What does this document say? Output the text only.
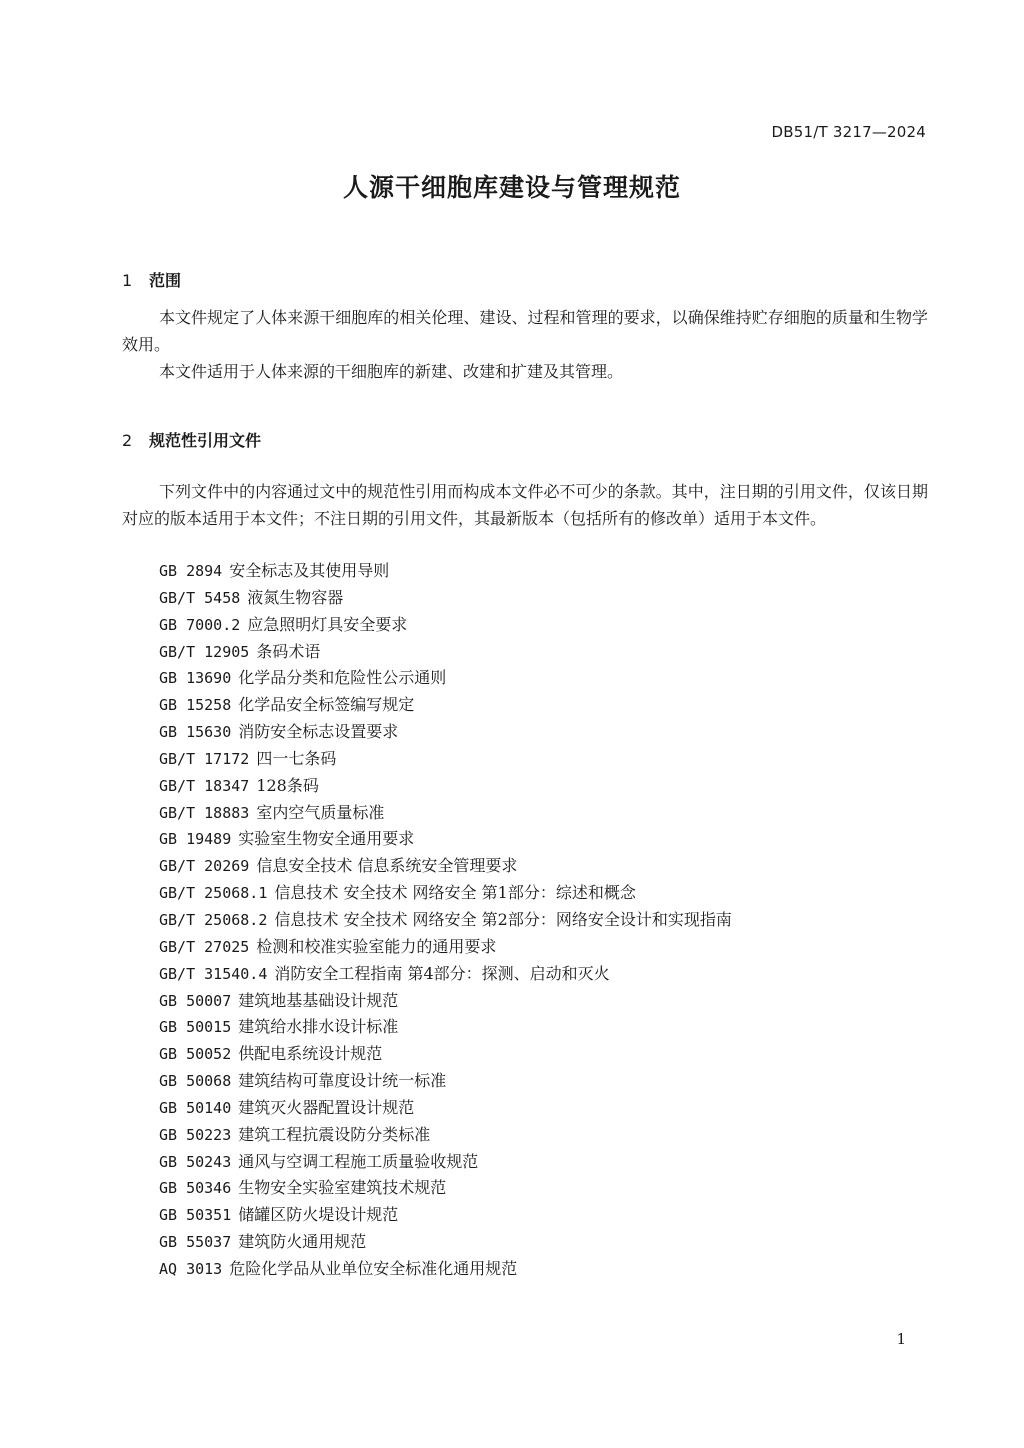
DB51/T 3217—2024
人源干细胞库建设与管理规范
1 范围

本文件规定了人体来源干细胞库的相关伦理、建设、过程和管理的要求，以确保维持贮存细胞的质量和生物学效用。

本文件适用于人体来源的干细胞库的新建、改建和扩建及其管理。

2 规范性引用文件

下列文件中的内容通过文中的规范性引用而构成本文件必不可少的条款。其中，注日期的引用文件，仅该日期对应的版本适用于本文件；不注日期的引用文件，其最新版本（包括所有的修改单）适用于本文件。

GB 2894 安全标志及其使用导则
GB/T 5458 液氮生物容器
GB 7000.2 应急照明灯具安全要求
GB/T 12905 条码术语
GB 13690 化学品分类和危险性公示通则
GB 15258 化学品安全标签编写规定
GB 15630 消防安全标志设置要求
GB/T 17172 四一七条码
GB/T 18347 128条码
GB/T 18883 室内空气质量标准
GB 19489 实验室生物安全通用要求
GB/T 20269 信息安全技术 信息系统安全管理要求
GB/T 25068.1 信息技术 安全技术 网络安全 第1部分：综述和概念
GB/T 25068.2 信息技术 安全技术 网络安全 第2部分：网络安全设计和实现指南
GB/T 27025 检测和校准实验室能力的通用要求
GB/T 31540.4 消防安全工程指南 第4部分：探测、启动和灭火
GB 50007 建筑地基基础设计规范
GB 50015 建筑给水排水设计标准
GB 50052 供配电系统设计规范
GB 50068 建筑结构可靠度设计统一标准
GB 50140 建筑灭火器配置设计规范
GB 50223 建筑工程抗震设防分类标准
GB 50243 通风与空调工程施工质量验收规范
GB 50346 生物安全实验室建筑技术规范
GB 50351 储罐区防火堤设计规范
GB 55037 建筑防火通用规范
AQ 3013 危险化学品从业单位安全标准化通用规范
1
